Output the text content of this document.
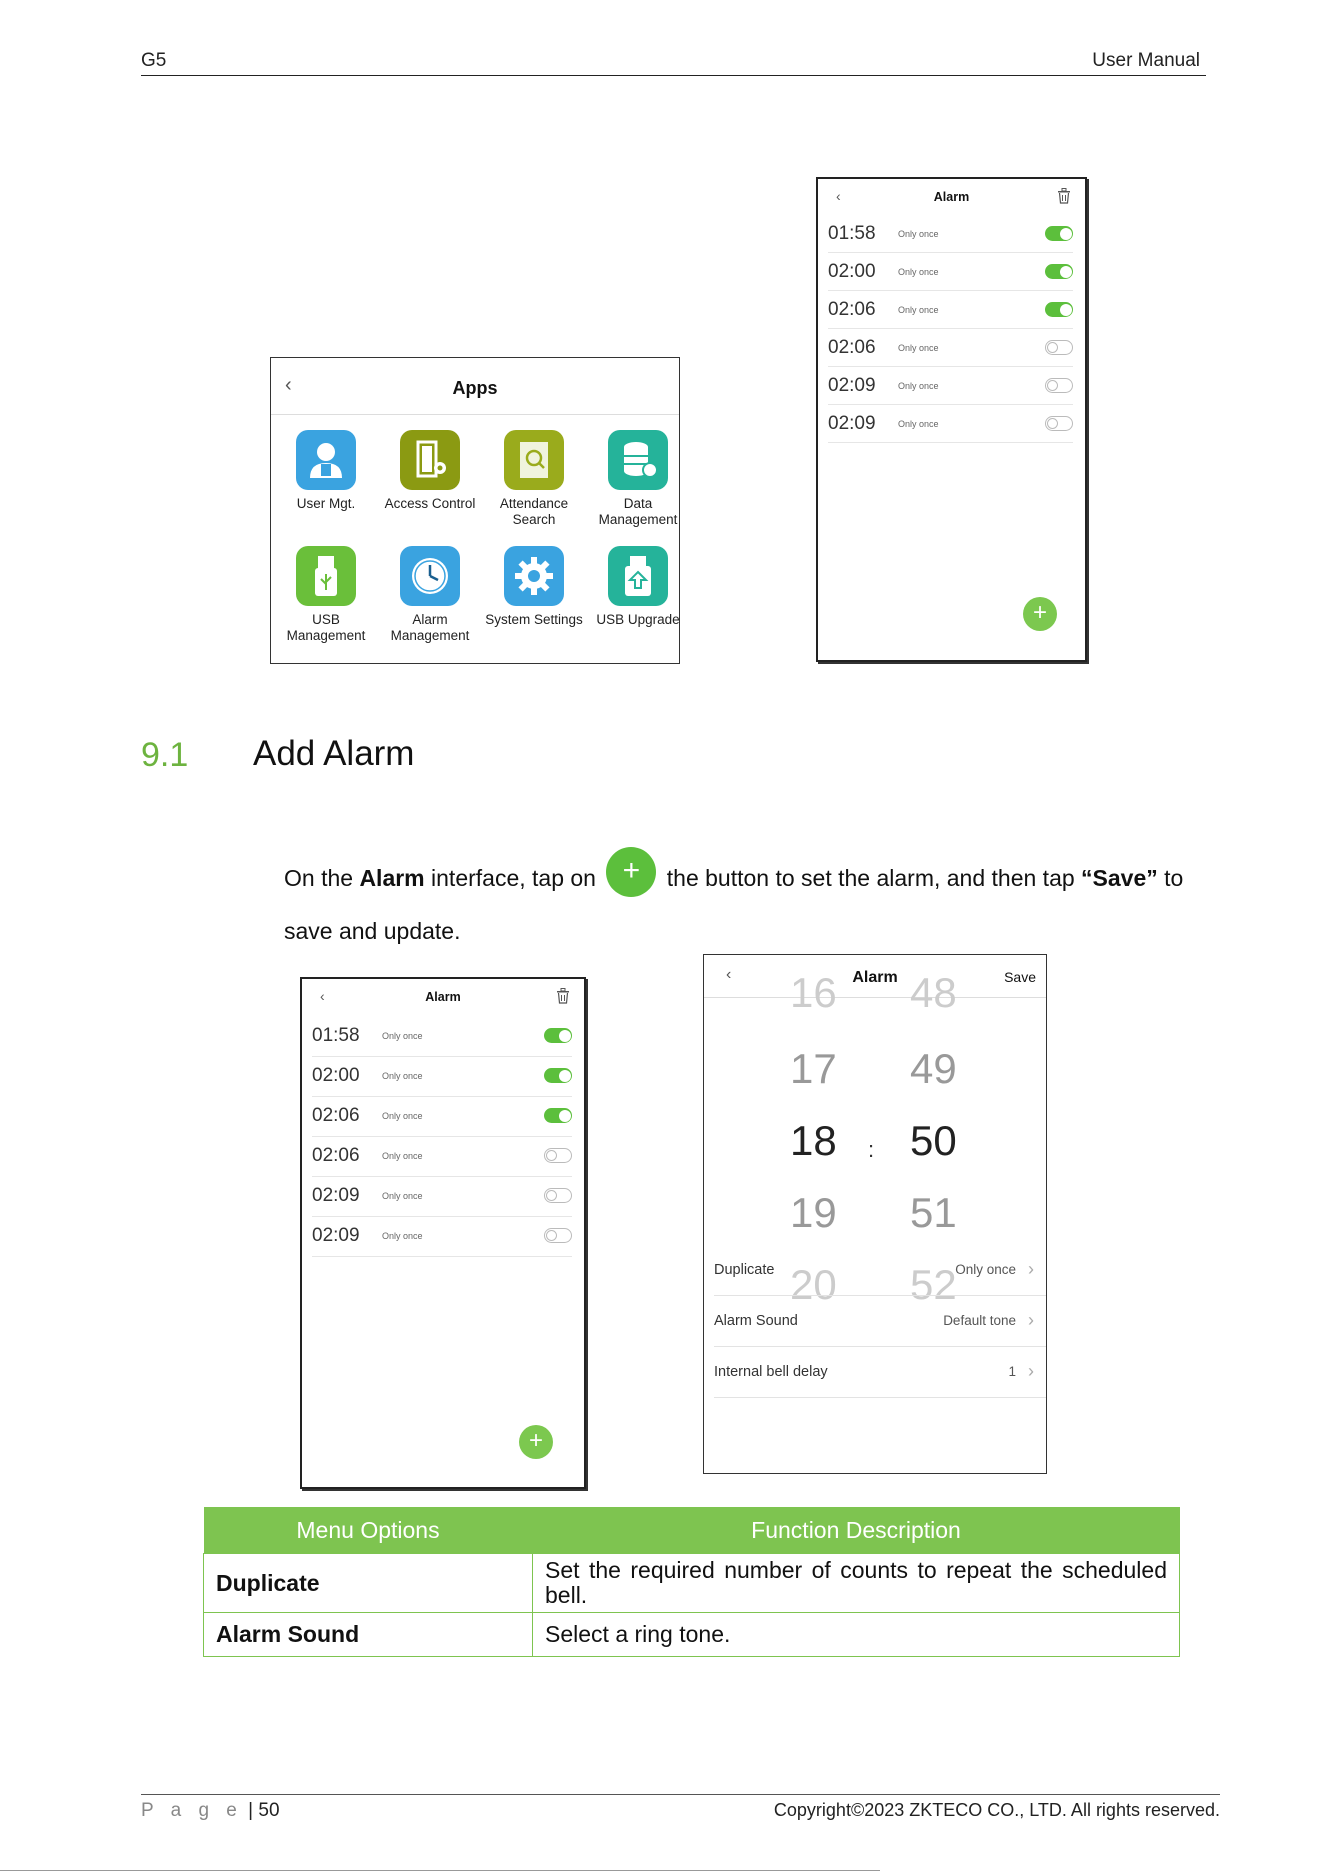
G5	User Manual
‹	Apps
User Mgt.	Access Control	Attendance Search
Data Management
USB Management
Alarm Management
System Settings	USB Upgrade
‹	Alarm
01:58 Only once
02:00 Only once
02:06 Only once
02:06 Only once
02:09 Only once
02:09 Only once
+
9.1 Add Alarm
On the Alarm interface, tap on + the button to set the alarm, and then tap “Save” to save and update.
‹	Alarm
01:58 Only once
02:00 Only once
02:06 Only once
02:06 Only once
02:09 Only once
02:09 Only once
+
‹	Alarm	Save
16
17
18
19
20
:
48
49
50
51
52
Duplicate	Only once ›
Alarm Sound	Default tone ›
Internal bell delay	1 ›
Menu Options	Function Description
Duplicate	Set the required number of counts to repeat the scheduled bell.
Alarm Sound	Select a ring tone.
P a g e | 50	Copyright©2023 ZKTECO CO., LTD. All rights reserved.
